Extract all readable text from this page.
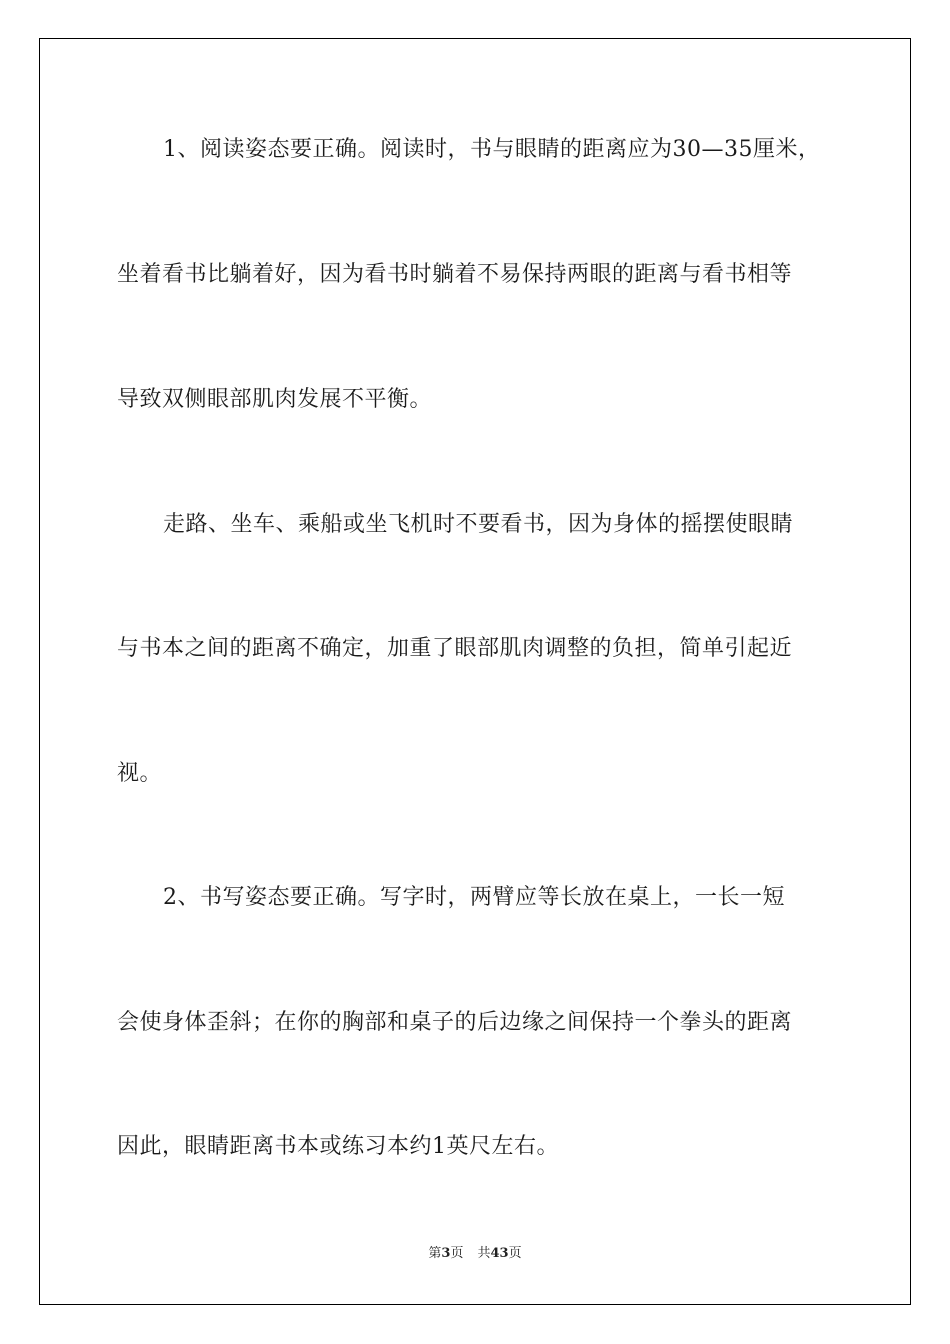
1、阅读姿态要正确。阅读时，书与眼睛的距离应为30—35厘米，
坐着看书比躺着好，因为看书时躺着不易保持两眼的距离与看书相等
导致双侧眼部肌肉发展不平衡。
走路、坐车、乘船或坐飞机时不要看书，因为身体的摇摆使眼睛
与书本之间的距离不确定，加重了眼部肌肉调整的负担，简单引起近
视。
2、书写姿态要正确。写字时，两臂应等长放在桌上，一长一短
会使身体歪斜；在你的胸部和桌子的后边缘之间保持一个拳头的距离
因此，眼睛距离书本或练习本约1英尺左右。
第3页 共43页
